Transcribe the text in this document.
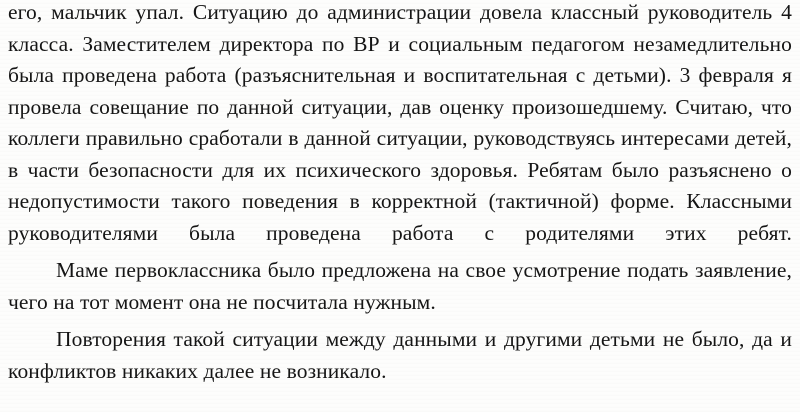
его, мальчик упал. Ситуацию до администрации довела классный руководитель 4 класса. Заместителем директора по ВР и социальным педагогом незамедлительно была проведена работа (разъяснительная и воспитательная с детьми). 3 февраля я провела совещание по данной ситуации, дав оценку произошедшему. Считаю, что коллеги правильно сработали в данной ситуации, руководствуясь интересами детей, в части безопасности для их психического здоровья. Ребятам было разъяснено о недопустимости такого поведения в корректной (тактичной) форме. Классными руководителями была проведена работа с родителями этих ребят.

Маме первоклассника было предложена на свое усмотрение подать заявление, чего на тот момент она не посчитала нужным.

Повторения такой ситуации между данными и другими детьми не было, да и конфликтов никаких далее не возникало.
